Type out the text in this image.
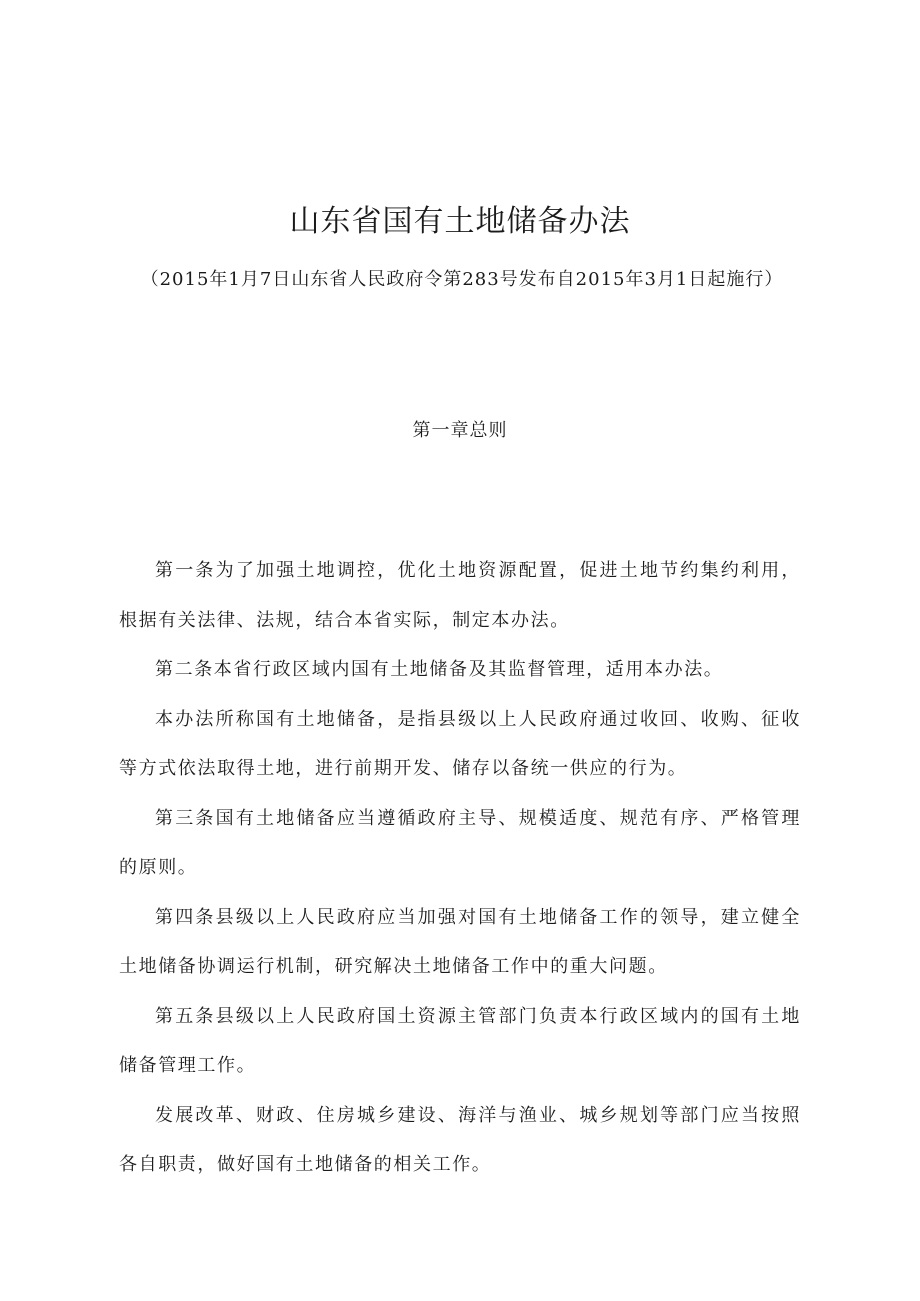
山东省国有土地储备办法

（2015年1月7日山东省人民政府令第283号发布自2015年3月1日起施行）

第一章总则

第一条为了加强土地调控，优化土地资源配置，促进土地节约集约利用，根据有关法律、法规，结合本省实际，制定本办法。

第二条本省行政区域内国有土地储备及其监督管理，适用本办法。

本办法所称国有土地储备，是指县级以上人民政府通过收回、收购、征收等方式依法取得土地，进行前期开发、储存以备统一供应的行为。

第三条国有土地储备应当遵循政府主导、规模适度、规范有序、严格管理的原则。

第四条县级以上人民政府应当加强对国有土地储备工作的领导，建立健全土地储备协调运行机制，研究解决土地储备工作中的重大问题。

第五条县级以上人民政府国土资源主管部门负责本行政区域内的国有土地储备管理工作。

发展改革、财政、住房城乡建设、海洋与渔业、城乡规划等部门应当按照各自职责，做好国有土地储备的相关工作。
